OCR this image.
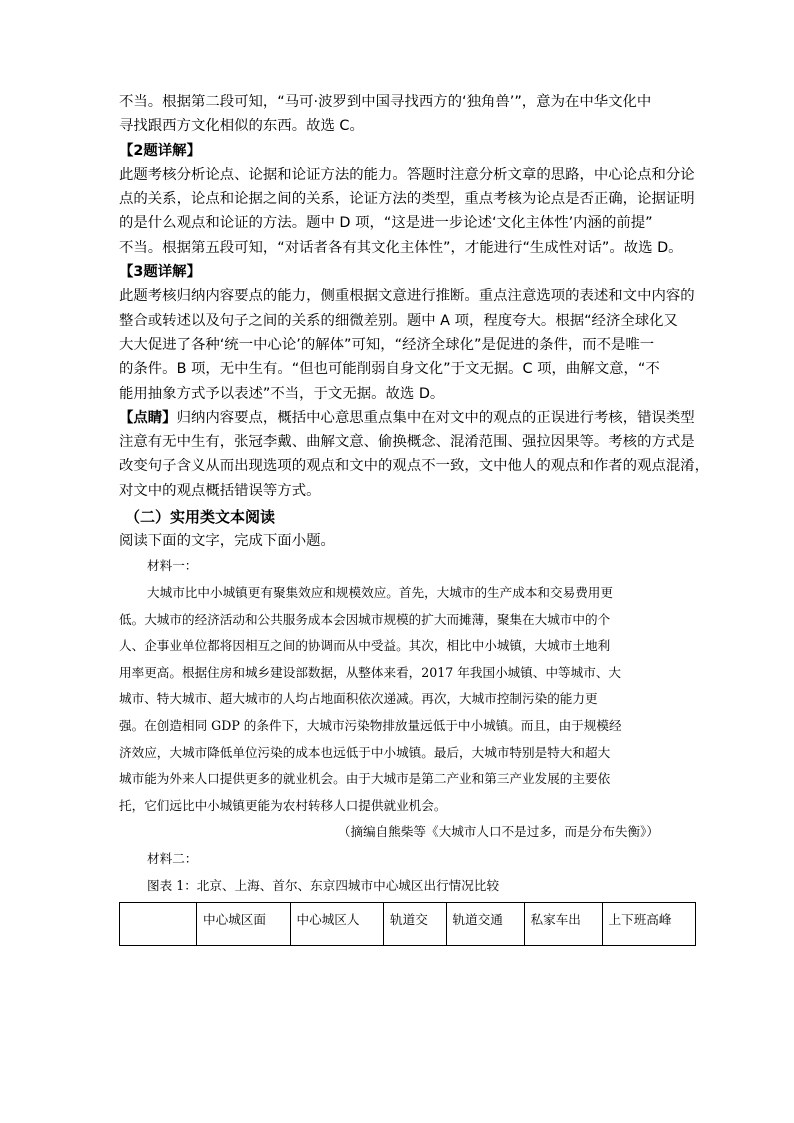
不当。根据第二段可知，“马可·波罗到中国寻找西方的‘独角兽’”，意为在中华文化中
寻找跟西方文化相似的东西。故选 C。
【2题详解】
此题考核分析论点、论据和论证方法的能力。答题时注意分析文章的思路，中心论点和分论
点的关系，论点和论据之间的关系，论证方法的类型，重点考核为论点是否正确，论据证明
的是什么观点和论证的方法。题中 D 项，“这是进一步论述‘文化主体性’内涵的前提”
不当。根据第五段可知，“对话者各有其文化主体性”，才能进行“生成性对话”。故选 D。
【3题详解】
此题考核归纳内容要点的能力，侧重根据文意进行推断。重点注意选项的表述和文中内容的
整合或转述以及句子之间的关系的细微差别。题中 A 项，程度夸大。根据“经济全球化又
大大促进了各种‘统一中心论’的解体”可知，“经济全球化”是促进的条件，而不是唯一
的条件。B 项，无中生有。“但也可能削弱自身文化”于文无据。C 项，曲解文意，“不
能用抽象方式予以表述”不当，于文无据。故选 D。
【点睛】归纳内容要点，概括中心意思重点集中在对文中的观点的正误进行考核，错误类型
注意有无中生有，张冠李戴、曲解文意、偷换概念、混淆范围、强拉因果等。考核的方式是
改变句子含义从而出现选项的观点和文中的观点不一致，文中他人的观点和作者的观点混淆，
对文中的观点概括错误等方式。
（二）实用类文本阅读
阅读下面的文字，完成下面小题。
材料一：
大城市比中小城镇更有聚集效应和规模效应。首先，大城市的生产成本和交易费用更
低。大城市的经济活动和公共服务成本会因城市规模的扩大而摊薄，聚集在大城市中的个
人、企事业单位都将因相互之间的协调而从中受益。其次，相比中小城镇，大城市土地利
用率更高。根据住房和城乡建设部数据，从整体来看，2017 年我国小城镇、中等城市、大
城市、特大城市、超大城市的人均占地面积依次递减。再次，大城市控制污染的能力更
强。在创造相同 GDP 的条件下，大城市污染物排放量远低于中小城镇。而且，由于规模经
济效应，大城市降低单位污染的成本也远低于中小城镇。最后，大城市特别是特大和超大
城市能为外来人口提供更多的就业机会。由于大城市是第二产业和第三产业发展的主要依
托，它们远比中小城镇更能为农村转移人口提供就业机会。
（摘编自熊柴等《大城市人口不是过多，而是分布失衡》）
材料二：
图表 1：北京、上海、首尔、东京四城市中心城区出行情况比较
	中心城区面	中心城区人	轨道交	轨道交通	私家车出	上下班高峰
